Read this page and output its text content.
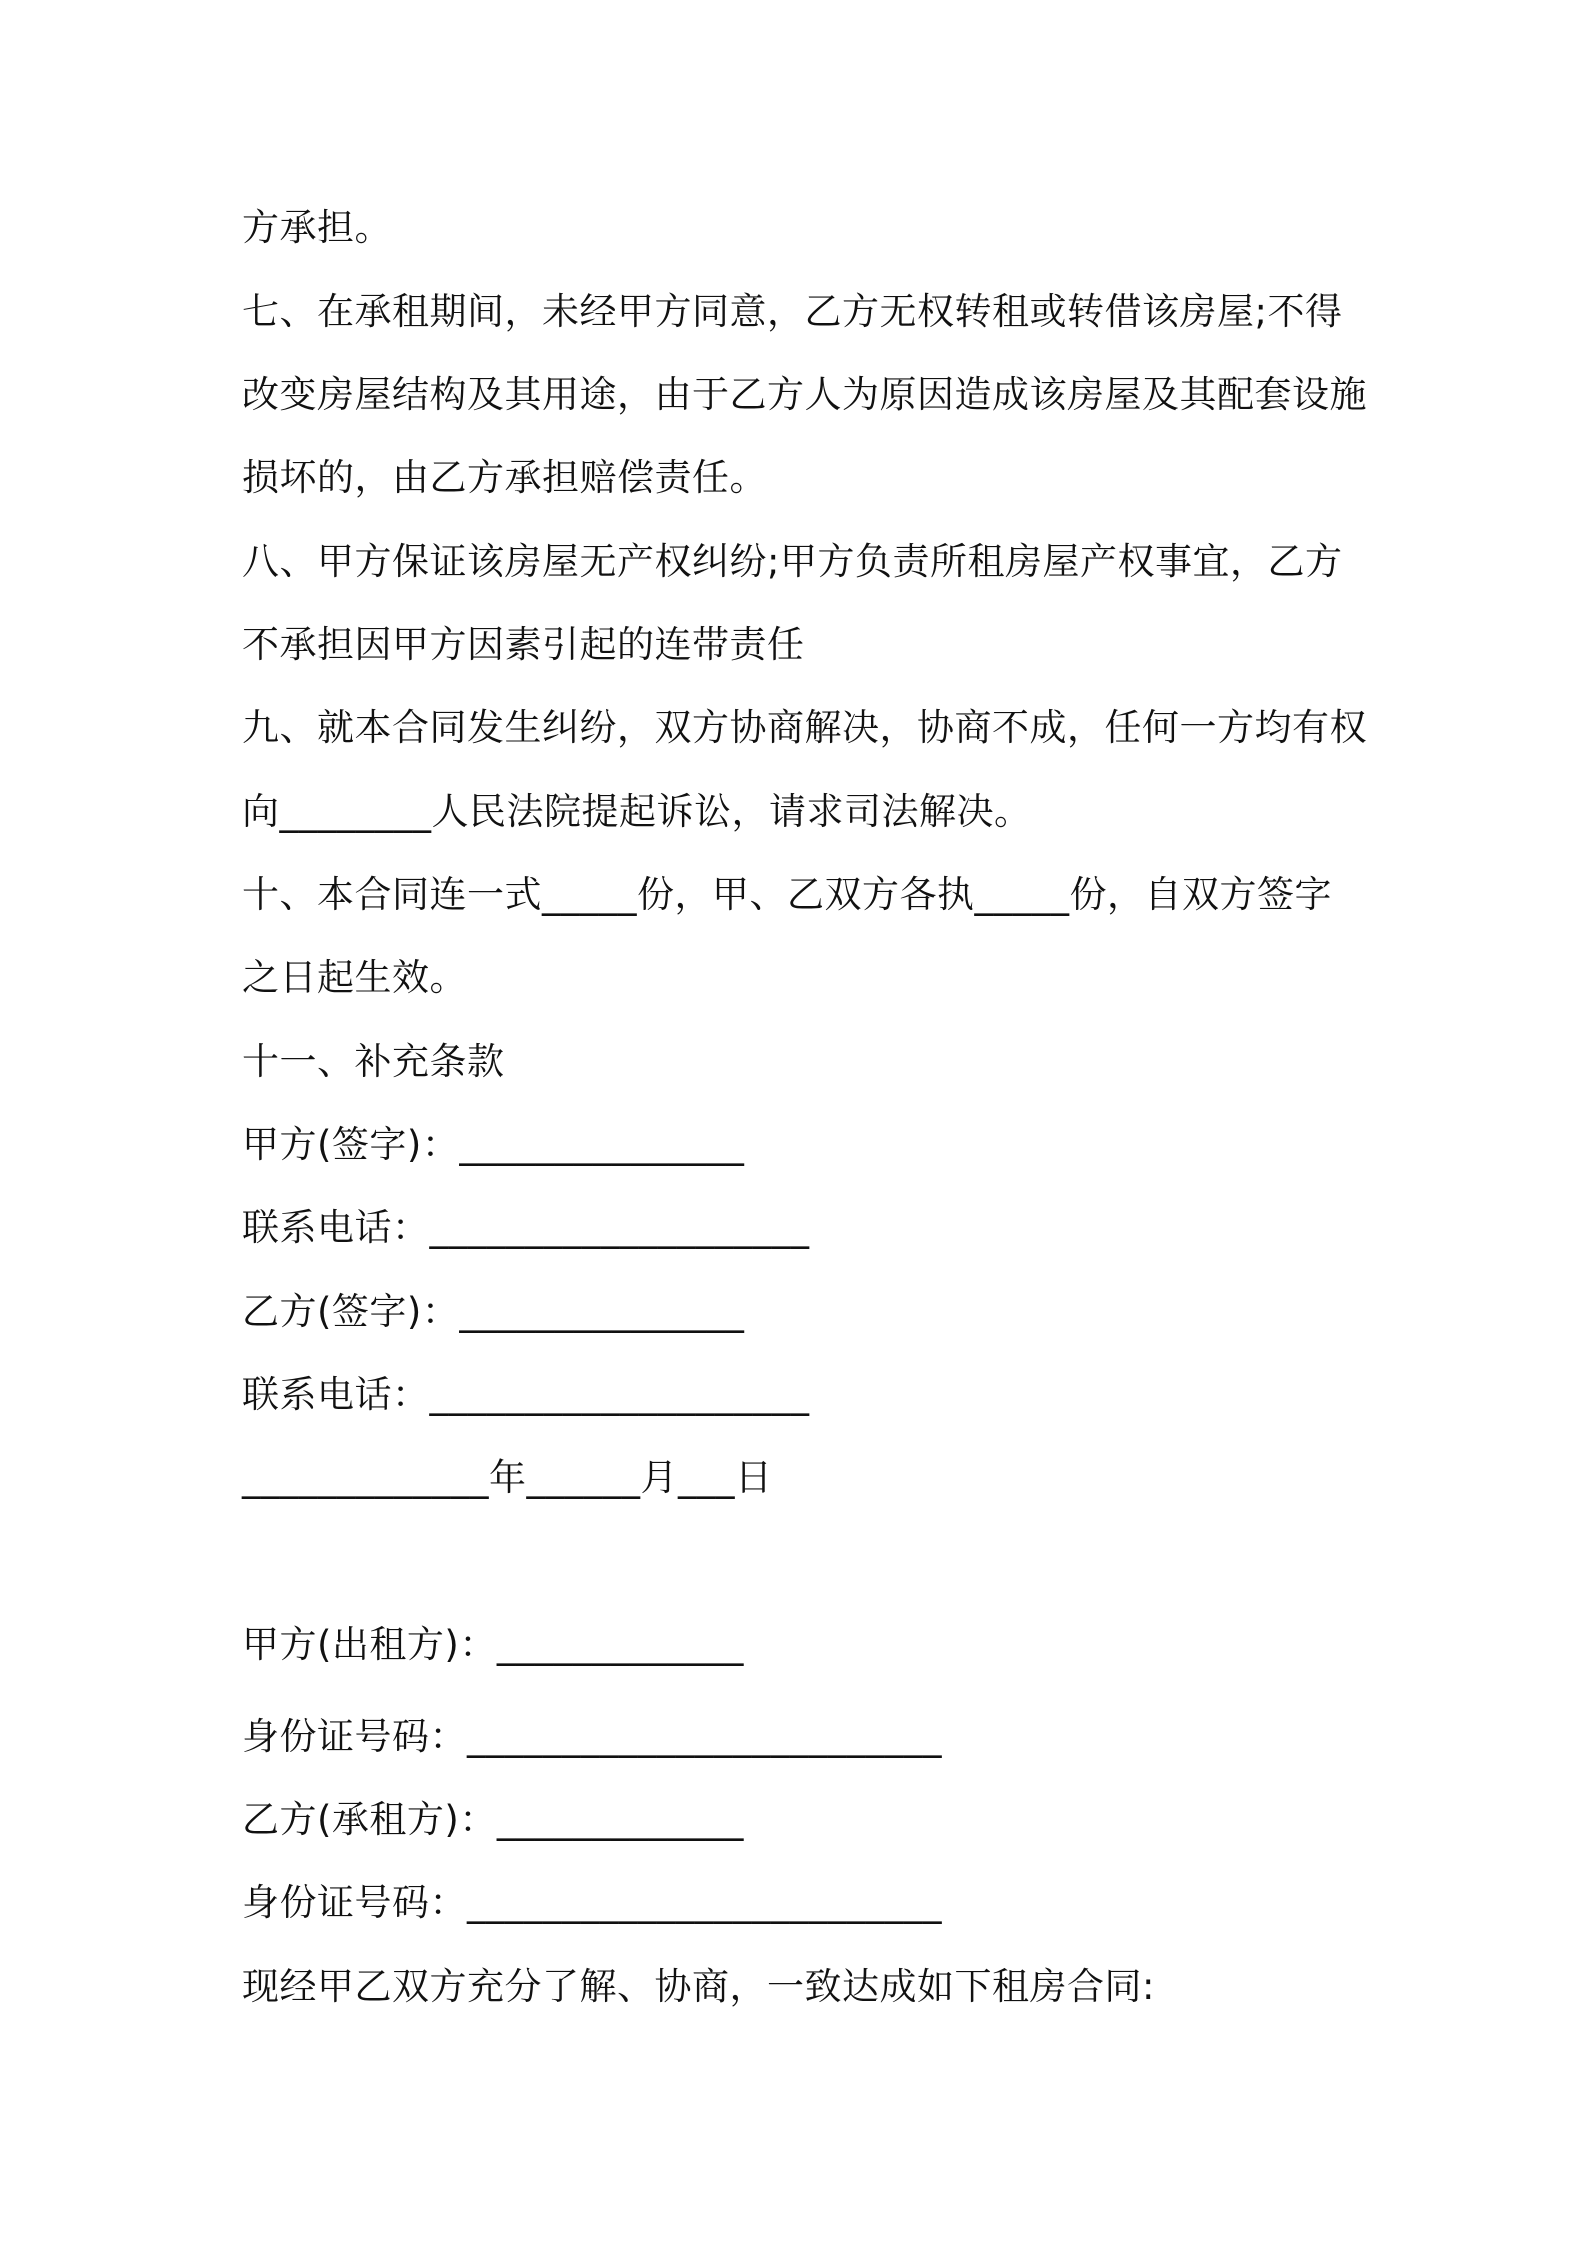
方承担。
七、在承租期间，未经甲方同意，乙方无权转租或转借该房屋;不得
改变房屋结构及其用途，由于乙方人为原因造成该房屋及其配套设施
损坏的，由乙方承担赔偿责任。
八、甲方保证该房屋无产权纠纷;甲方负责所租房屋产权事宜，乙方
不承担因甲方因素引起的连带责任
九、就本合同发生纠纷，双方协商解决，协商不成，任何一方均有权
向________人民法院提起诉讼，请求司法解决。
十、本合同连一式_____份，甲、乙双方各执_____份，自双方签字
之日起生效。
十一、补充条款
甲方(签字)：_______________
联系电话：____________________
乙方(签字)：_______________
联系电话：____________________
_____________年______月___日
甲方(出租方)：_____________
身份证号码：_________________________
乙方(承租方)：_____________
身份证号码：_________________________
现经甲乙双方充分了解、协商，一致达成如下租房合同:
